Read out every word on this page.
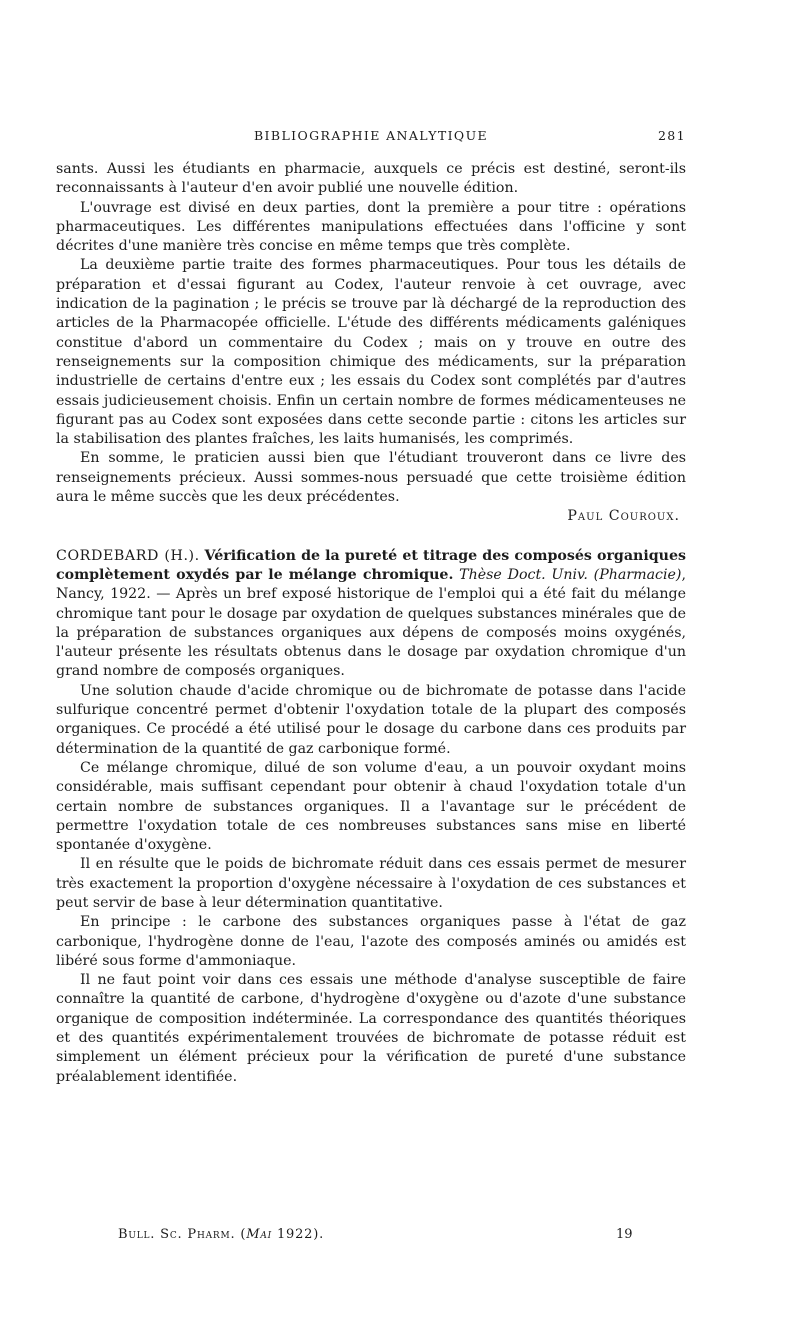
BIBLIOGRAPHIE ANALYTIQUE	281

sants. Aussi les étudiants en pharmacie, auxquels ce précis est destiné, seront-ils reconnaissants à l'auteur d'en avoir publié une nouvelle édition.

L'ouvrage est divisé en deux parties, dont la première a pour titre : opérations pharmaceutiques. Les différentes manipulations effectuées dans l'officine y sont décrites d'une manière très concise en même temps que très complète.

La deuxième partie traite des formes pharmaceutiques. Pour tous les détails de préparation et d'essai figurant au Codex, l'auteur renvoie à cet ouvrage, avec indication de la pagination ; le précis se trouve par là déchargé de la reproduction des articles de la Pharmacopée officielle. L'étude des différents médicaments galéniques constitue d'abord un commentaire du Codex ; mais on y trouve en outre des renseignements sur la composition chimique des médicaments, sur la préparation industrielle de certains d'entre eux ; les essais du Codex sont complétés par d'autres essais judicieusement choisis. Enfin un certain nombre de formes médicamenteuses ne figurant pas au Codex sont exposées dans cette seconde partie : citons les articles sur la stabilisation des plantes fraîches, les laits humanisés, les comprimés.

En somme, le praticien aussi bien que l'étudiant trouveront dans ce livre des renseignements précieux. Aussi sommes-nous persuadé que cette troisième édition aura le même succès que les deux précédentes.

Paul Couroux.

CORDEBARD (H.). Vérification de la pureté et titrage des composés organiques complètement oxydés par le mélange chromique. Thèse Doct. Univ. (Pharmacie), Nancy, 1922. — Après un bref exposé historique de l'emploi qui a été fait du mélange chromique tant pour le dosage par oxydation de quelques substances minérales que de la préparation de substances organiques aux dépens de composés moins oxygénés, l'auteur présente les résultats obtenus dans le dosage par oxydation chromique d'un grand nombre de composés organiques.

Une solution chaude d'acide chromique ou de bichromate de potasse dans l'acide sulfurique concentré permet d'obtenir l'oxydation totale de la plupart des composés organiques. Ce procédé a été utilisé pour le dosage du carbone dans ces produits par détermination de la quantité de gaz carbonique formé.

Ce mélange chromique, dilué de son volume d'eau, a un pouvoir oxydant moins considérable, mais suffisant cependant pour obtenir à chaud l'oxydation totale d'un certain nombre de substances organiques. Il a l'avantage sur le précédent de permettre l'oxydation totale de ces nombreuses substances sans mise en liberté spontanée d'oxygène.

Il en résulte que le poids de bichromate réduit dans ces essais permet de mesurer très exactement la proportion d'oxygène nécessaire à l'oxydation de ces substances et peut servir de base à leur détermination quantitative.

En principe : le carbone des substances organiques passe à l'état de gaz carbonique, l'hydrogène donne de l'eau, l'azote des composés aminés ou amidés est libéré sous forme d'ammoniaque.

Il ne faut point voir dans ces essais une méthode d'analyse susceptible de faire connaître la quantité de carbone, d'hydrogène d'oxygène ou d'azote d'une substance organique de composition indéterminée. La correspondance des quantités théoriques et des quantités expérimentalement trouvées de bichromate de potasse réduit est simplement un élément précieux pour la vérification de pureté d'une substance préalablement identifiée.

Bull. Sc. Pharm. (Mai 1922).	19
